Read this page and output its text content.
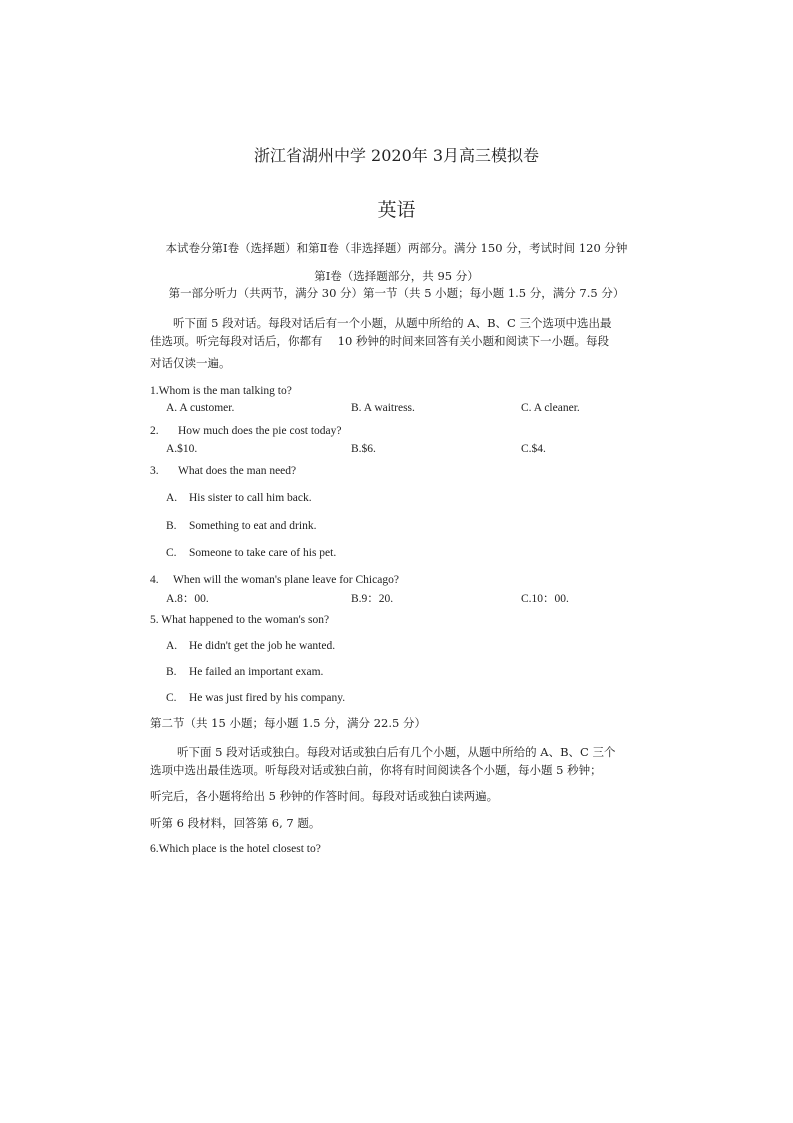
浙江省湖州中学 2020年 3月高三模拟卷
英语
本试卷分第Ⅰ卷（选择题）和第Ⅱ卷（非选择题）两部分。满分 150 分，考试时间 120 分钟
第Ⅰ卷（选择题部分，共 95 分）
第一部分听力（共两节，满分 30 分）第一节（共 5 小题；每小题 1.5 分，满分 7.5 分）
听下面 5 段对话。每段对话后有一个小题，从题中所给的 A、B、C 三个选项中选出最
佳选项。听完每段对话后，你都有　 10 秒钟的时间来回答有关小题和阅读下一小题。每段
对话仅读一遍。
1.Whom is the man talking to?
A. A customer.	B. A waitress.	C. A cleaner.
2. How much does the pie cost today?
A.$10.	B.$6.	C.$4.
3. What does the man need?
A. His sister to call him back.
B. Something to eat and drink.
C. Someone to take care of his pet.
4. When will the woman's plane leave for Chicago?
A.8：00.	B.9：20.	C.10：00.
5. What happened to the woman's son?
A. He didn't get the job he wanted.
B. He failed an important exam.
C. He was just fired by his company.
第二节（共 15 小题；每小题 1.5 分，满分 22.5 分）
听下面 5 段对话或独白。每段对话或独白后有几个小题，从题中所给的 A、B、C 三个
选项中选出最佳选项。听每段对话或独白前，你将有时间阅读各个小题，每小题 5 秒钟；
听完后，各小题将给出 5 秒钟的作答时间。每段对话或独白读两遍。
听第 6 段材料，回答第 6, 7 题。
6.Which place is the hotel closest to?
